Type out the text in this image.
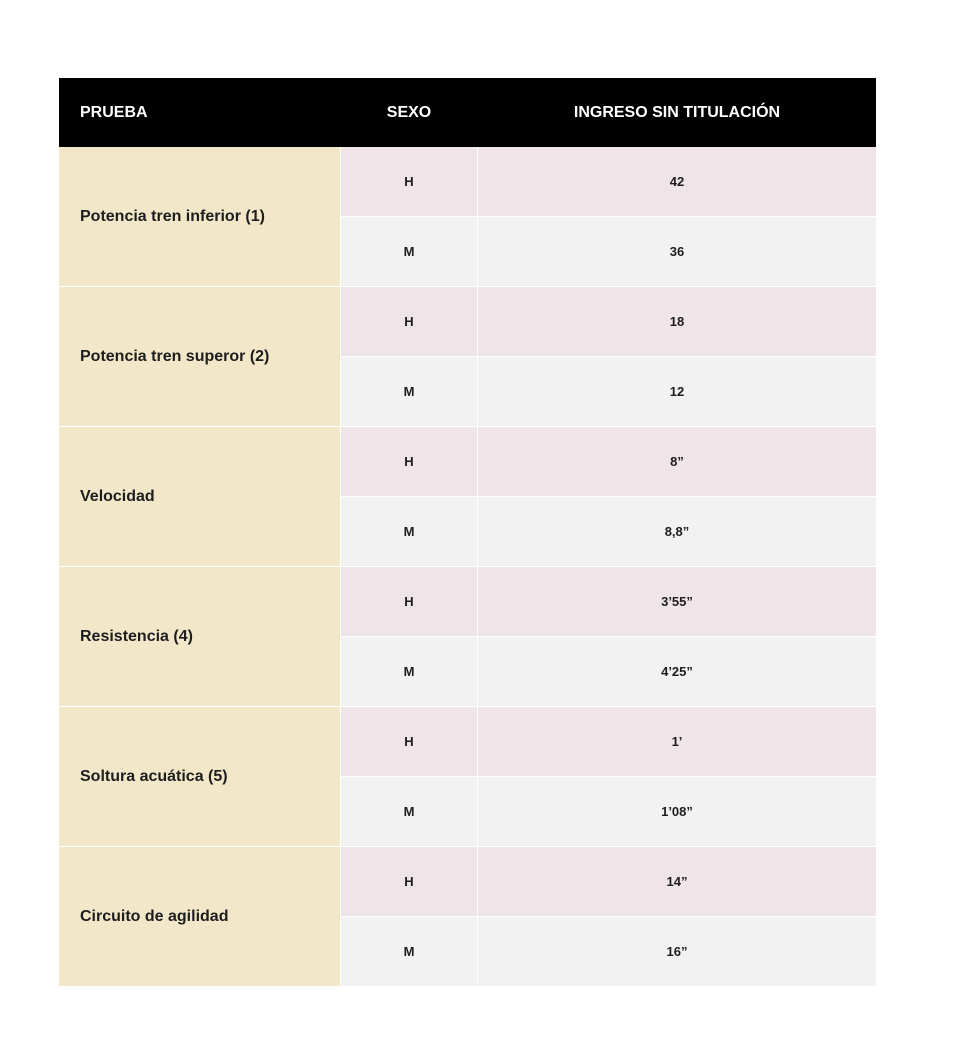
PRUEBA	SEXO	INGRESO SIN TITULACIÓN
Potencia tren inferior (1)
H	42
M	36
Potencia tren superor (2)
H	18
M	12
Velocidad
H	8”
M	8,8”
Resistencia (4)
H	3’55”
M	4’25”
Soltura acuática (5)
H	1’
M	1’08”
Circuito de agilidad
H	14”
M	16”
